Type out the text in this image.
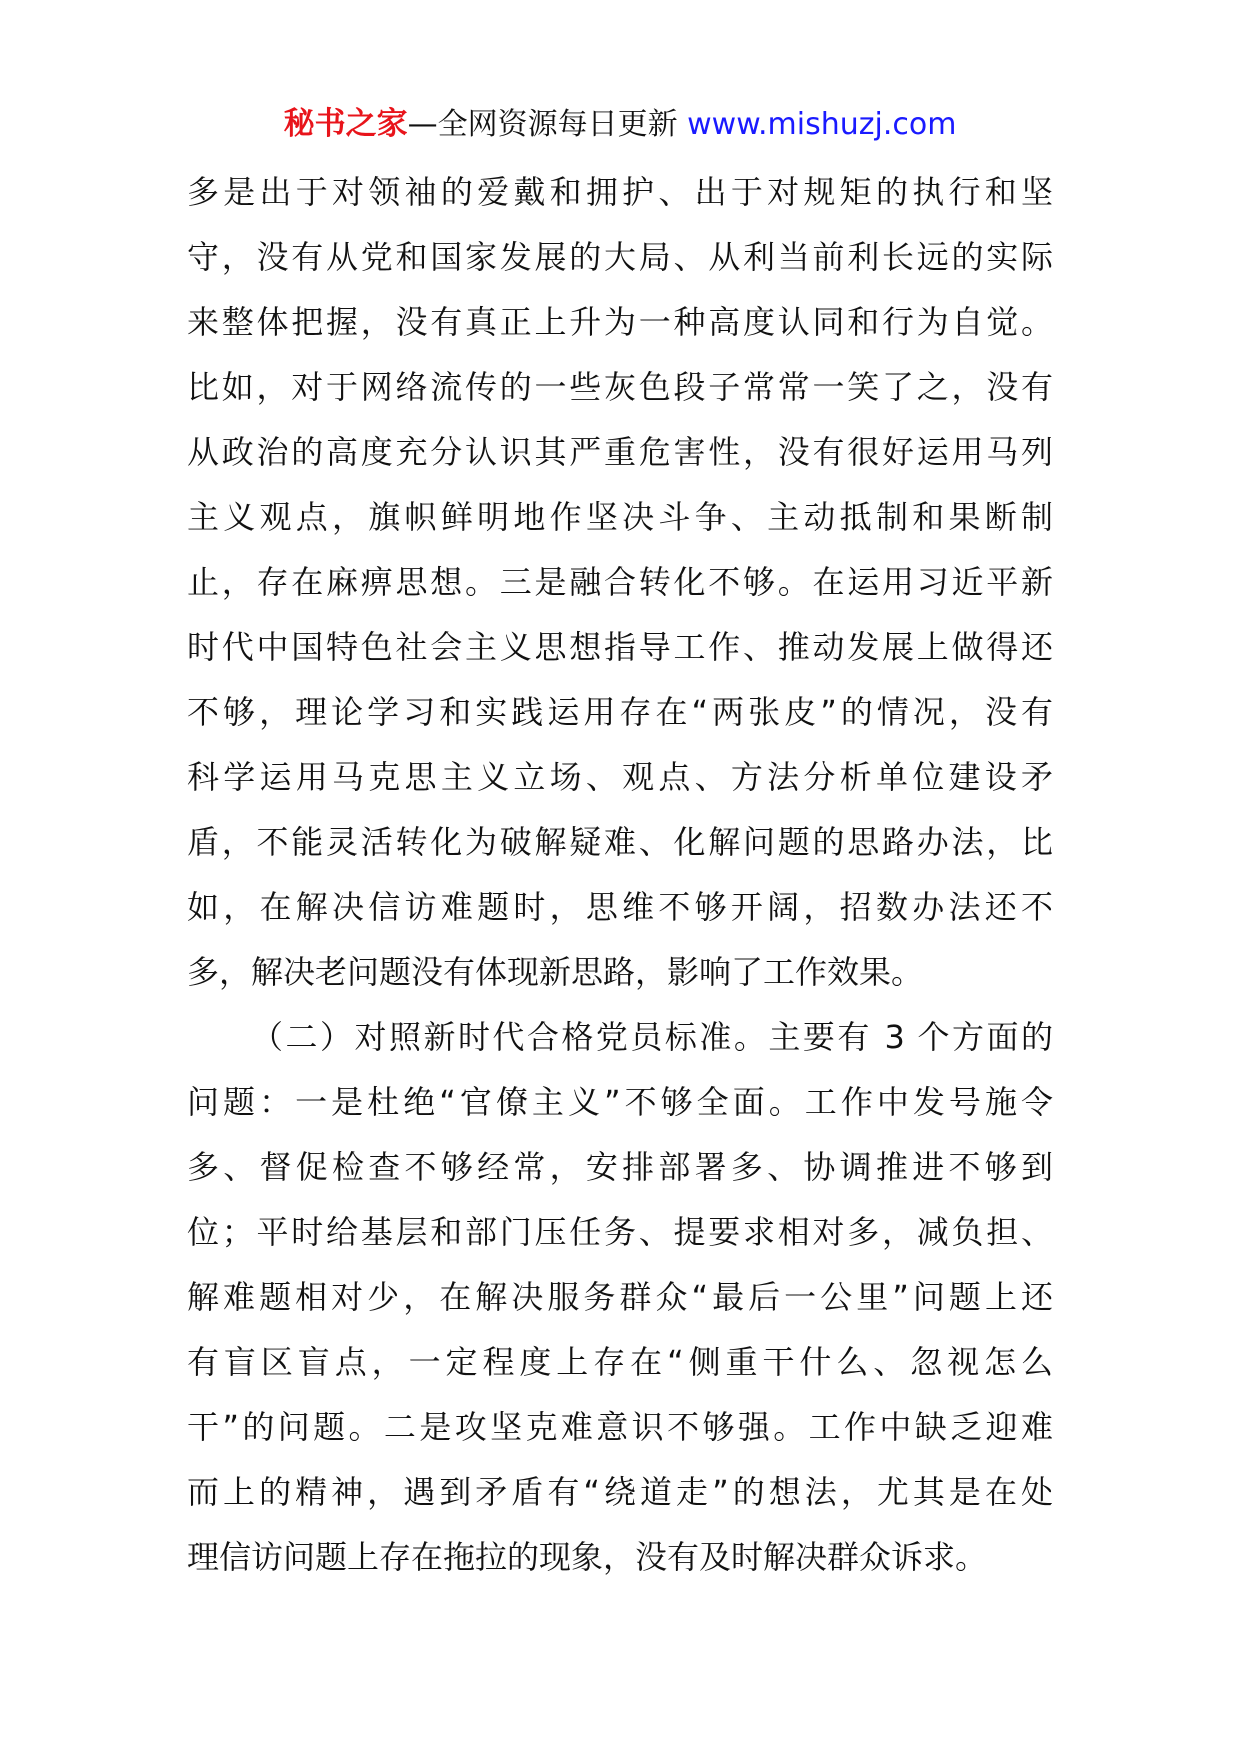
秘书之家—全网资源每日更新 www.mishuzj.com
多是出于对领袖的爱戴和拥护、出于对规矩的执行和坚
守，没有从党和国家发展的大局、从利当前利长远的实际
来整体把握，没有真正上升为一种高度认同和行为自觉。
比如，对于网络流传的一些灰色段子常常一笑了之，没有
从政治的高度充分认识其严重危害性，没有很好运用马列
主义观点，旗帜鲜明地作坚决斗争、主动抵制和果断制
止，存在麻痹思想。三是融合转化不够。在运用习近平新
时代中国特色社会主义思想指导工作、推动发展上做得还
不够，理论学习和实践运用存在“两张皮”的情况，没有
科学运用马克思主义立场、观点、方法分析单位建设矛
盾，不能灵活转化为破解疑难、化解问题的思路办法，比
如，在解决信访难题时，思维不够开阔，招数办法还不
多，解决老问题没有体现新思路，影响了工作效果。
（二）对照新时代合格党员标准。主要有 3 个方面的
问题：一是杜绝“官僚主义”不够全面。工作中发号施令
多、督促检查不够经常，安排部署多、协调推进不够到
位；平时给基层和部门压任务、提要求相对多，减负担、
解难题相对少，在解决服务群众“最后一公里”问题上还
有盲区盲点，一定程度上存在“侧重干什么、忽视怎么
干”的问题。二是攻坚克难意识不够强。工作中缺乏迎难
而上的精神，遇到矛盾有“绕道走”的想法，尤其是在处
理信访问题上存在拖拉的现象，没有及时解决群众诉求。
